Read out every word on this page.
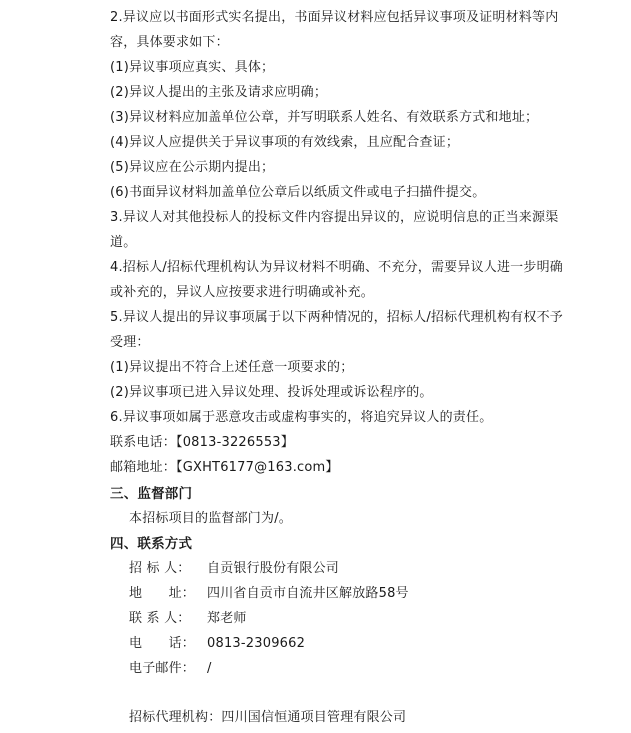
2.异议应以书面形式实名提出，书面异议材料应包括异议事项及证明材料等内
容，具体要求如下：
(1)异议事项应真实、具体；
(2)异议人提出的主张及请求应明确；
(3)异议材料应加盖单位公章，并写明联系人姓名、有效联系方式和地址；
(4)异议人应提供关于异议事项的有效线索，且应配合查证；
(5)异议应在公示期内提出；
(6)书面异议材料加盖单位公章后以纸质文件或电子扫描件提交。
3.异议人对其他投标人的投标文件内容提出异议的，应说明信息的正当来源渠
道。
4.招标人/招标代理机构认为异议材料不明确、不充分，需要异议人进一步明确
或补充的，异议人应按要求进行明确或补充。
5.异议人提出的异议事项属于以下两种情况的，招标人/招标代理机构有权不予
受理：
(1)异议提出不符合上述任意一项要求的；
(2)异议事项已进入异议处理、投诉处理或诉讼程序的。
6.异议事项如属于恶意攻击或虚构事实的，将追究异议人的责任。
联系电话：【0813-3226553】
邮箱地址：【GXHT6177@163.com】
三、监督部门
本招标项目的监督部门为/。
四、联系方式
招 标 人： 自贡银行股份有限公司
地　　址： 四川省自贡市自流井区解放路58号
联 系 人： 郑老师
电　　话： 0813-2309662
电子邮件： /
招标代理机构：四川国信恒通项目管理有限公司
